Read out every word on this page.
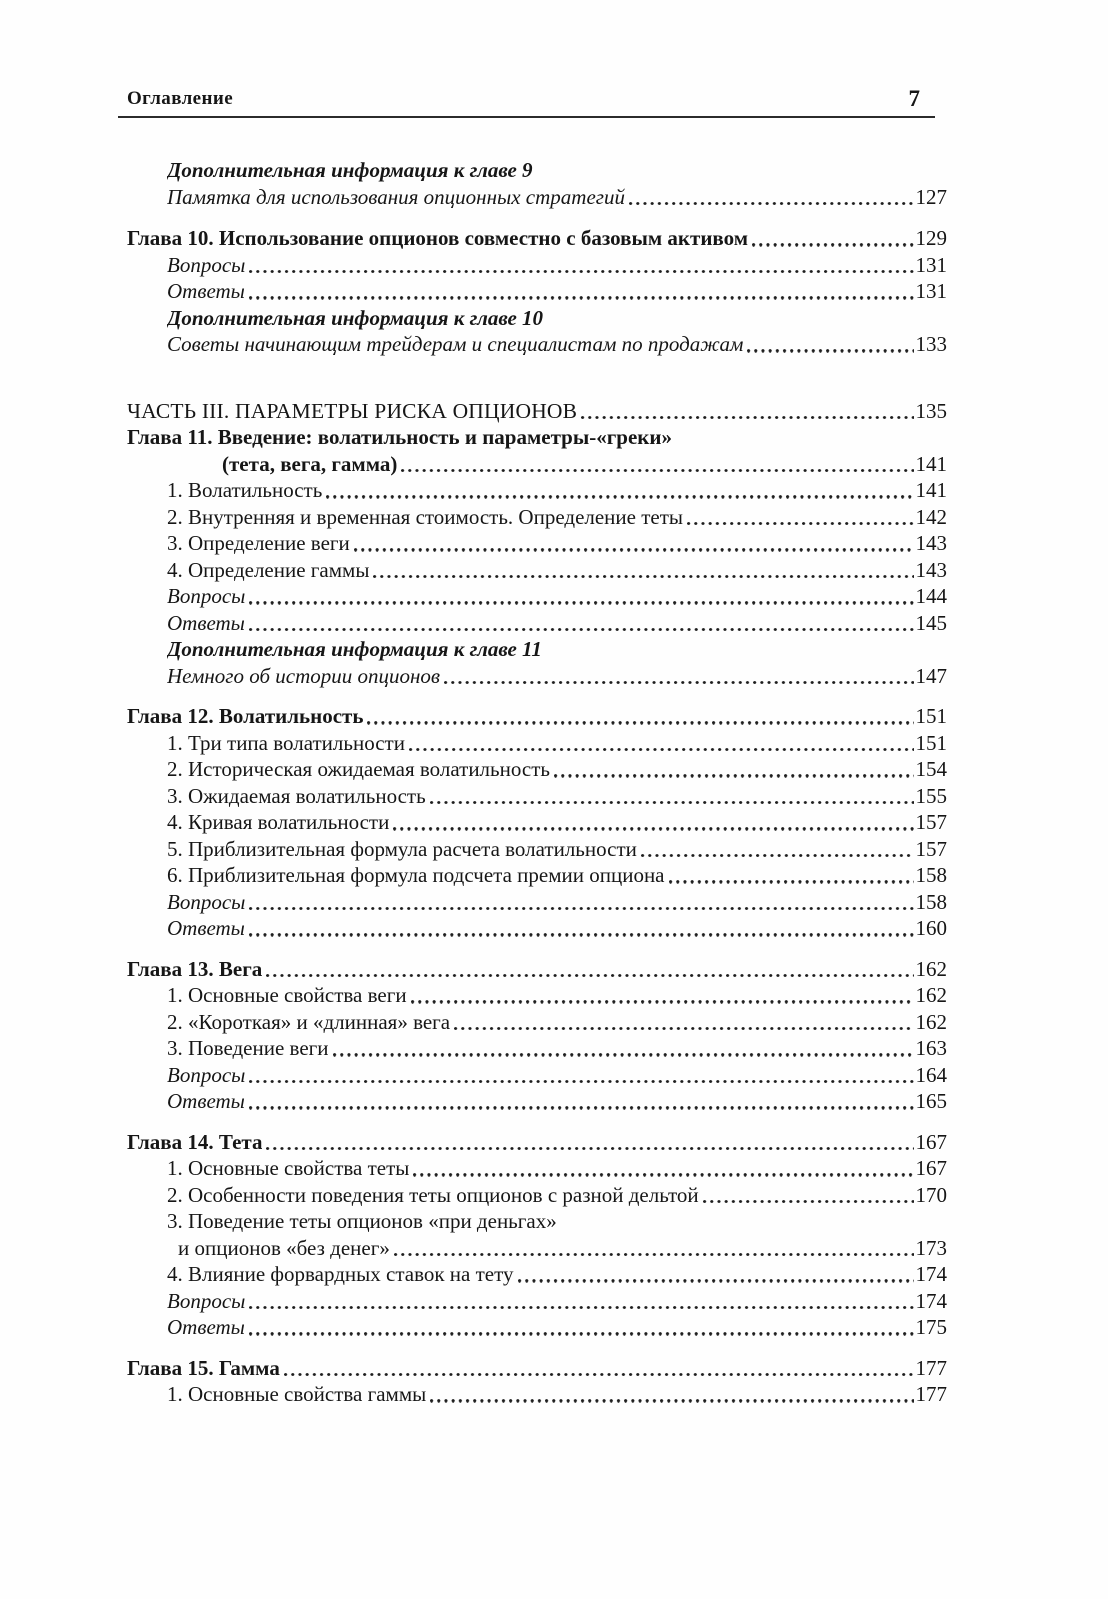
Оглавление	7
Дополнительная информация к главе 9
Памятка для использования опционных стратегий	127
Глава 10. Использование опционов совместно с базовым активом	129
Вопросы	131
Ответы	131
Дополнительная информация к главе 10
Советы начинающим трейдерам и специалистам по продажам	133
ЧАСТЬ III. ПАРАМЕТРЫ РИСКА ОПЦИОНОВ	135
Глава 11. Введение: волатильность и параметры-«греки»
(тета, вега, гамма)	141
1. Волатильность	141
2. Внутренняя и временная стоимость. Определение теты	142
3. Определение веги	143
4. Определение гаммы	143
Вопросы	144
Ответы	145
Дополнительная информация к главе 11
Немного об истории опционов	147
Глава 12. Волатильность	151
1. Три типа волатильности	151
2. Историческая ожидаемая волатильность	154
3. Ожидаемая волатильность	155
4. Кривая волатильности	157
5. Приблизительная формула расчета волатильности	157
6. Приблизительная формула подсчета премии опциона	158
Вопросы	158
Ответы	160
Глава 13. Вега	162
1. Основные свойства веги	162
2. «Короткая» и «длинная» вега	162
3. Поведение веги	163
Вопросы	164
Ответы	165
Глава 14. Тета	167
1. Основные свойства теты	167
2. Особенности поведения теты опционов с разной дельтой	170
3. Поведение теты опционов «при деньгах»
и опционов «без денег»	173
4. Влияние форвардных ставок на тету	174
Вопросы	174
Ответы	175
Глава 15. Гамма	177
1. Основные свойства гаммы	177
